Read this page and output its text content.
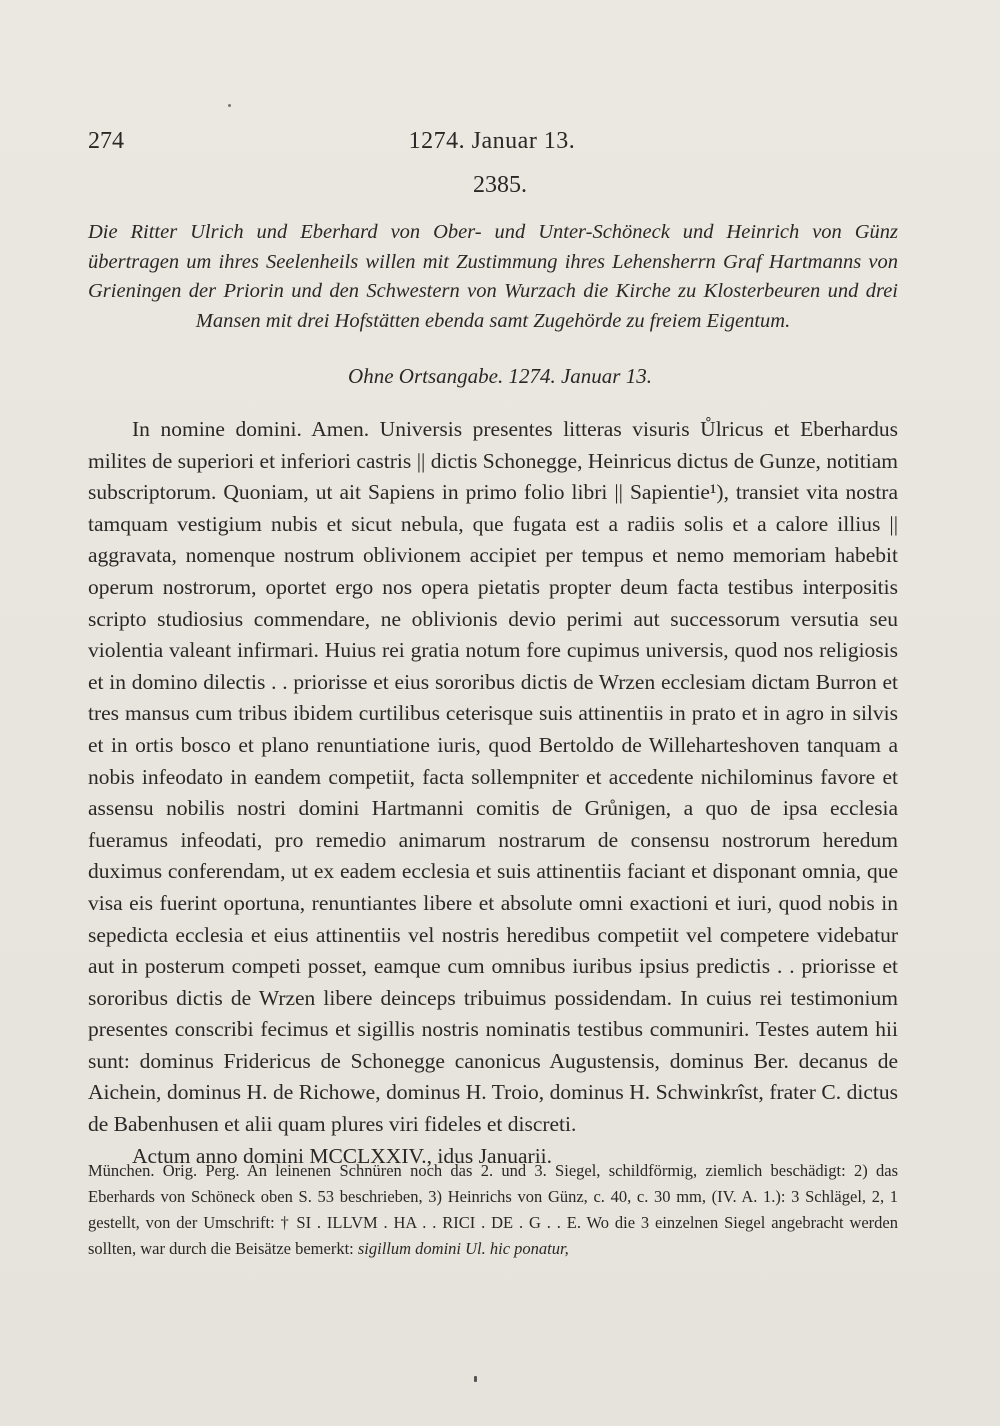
274	1274. Januar 13.
2385.
Die Ritter Ulrich und Eberhard von Ober- und Unter-Schöneck und Heinrich von Günz übertragen um ihres Seelenheils willen mit Zustimmung ihres Lehensherrn Graf Hartmanns von Grieningen der Priorin und den Schwestern von Wurzach die Kirche zu Klosterbeuren und drei Mansen mit drei Hofstätten ebenda samt Zugehörde zu freiem Eigentum.
Ohne Ortsangabe. 1274. Januar 13.

In nomine domini. Amen. Universis presentes litteras visuris Ůlricus et Eberhardus milites de superiori et inferiori castris || dictis Schonegge, Heinricus dictus de Gunze, notitiam subscriptorum. Quoniam, ut ait Sapiens in primo folio libri || Sapientie¹), transiet vita nostra tamquam vestigium nubis et sicut nebula, que fugata est a radiis solis et a calore illius || aggravata, nomenque nostrum oblivionem accipiet per tempus et nemo memoriam habebit operum nostrorum, oportet ergo nos opera pietatis propter deum facta testibus interpositis scripto studiosius commendare, ne oblivionis devio perimi aut successorum versutia seu violentia valeant infirmari. Huius rei gratia notum fore cupimus universis, quod nos religiosis et in domino dilectis . . priorisse et eius sororibus dictis de Wrzen ecclesiam dictam Burron et tres mansus cum tribus ibidem curtilibus ceterisque suis attinentiis in prato et in agro in silvis et in ortis bosco et plano renuntiatione iuris, quod Bertoldo de Willeharteshoven tanquam a nobis infeodato in eandem competiit, facta sollempniter et accedente nichilominus favore et assensu nobilis nostri domini Hartmanni comitis de Grůnigen, a quo de ipsa ecclesia fueramus infeodati, pro remedio animarum nostrarum de consensu nostrorum heredum duximus conferendam, ut ex eadem ecclesia et suis attinentiis faciant et disponant omnia, que visa eis fuerint oportuna, renuntiantes libere et absolute omni exactioni et iuri, quod nobis in sepedicta ecclesia et eius attinentiis vel nostris heredibus competiit vel competere videbatur aut in posterum competi posset, eamque cum omnibus iuribus ipsius predictis . . priorisse et sororibus dictis de Wrzen libere deinceps tribuimus possidendam. In cuius rei testimonium presentes conscribi fecimus et sigillis nostris nominatis testibus communiri. Testes autem hii sunt: dominus Fridericus de Schonegge canonicus Augustensis, dominus Ber. decanus de Aichein, dominus H. de Richowe, dominus H. Troio, dominus H. Schwinkrîst, frater C. dictus de Babenhusen et alii quam plures viri fideles et discreti.

Actum anno domini MCCLXXIV., idus Januarii.

München. Orig. Perg. An leinenen Schnüren noch das 2. und 3. Siegel, schildförmig, ziemlich beschädigt: 2) das Eberhards von Schöneck oben S. 53 beschrieben, 3) Heinrichs von Günz, c. 40, c. 30 mm, (IV. A. 1.): 3 Schlägel, 2, 1 gestellt, von der Umschrift: † SI . ILLVM . HA . . RICI . DE . G . . E. Wo die 3 einzelnen Siegel angebracht werden sollten, war durch die Beisätze bemerkt: sigillum domini Ul. hic ponatur,
